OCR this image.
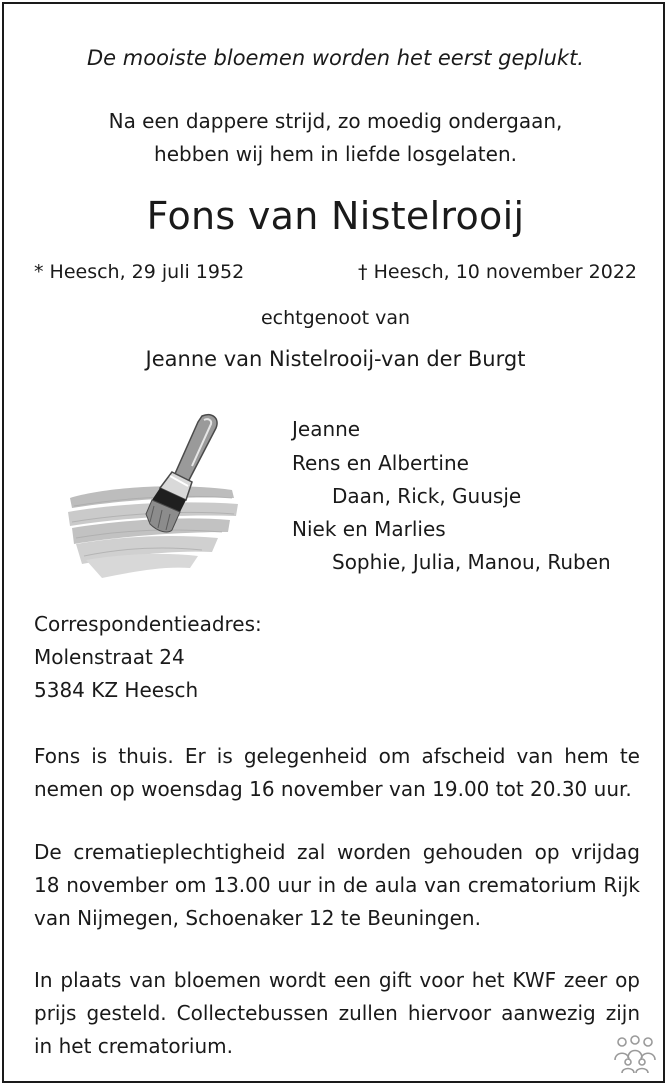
De mooiste bloemen worden het eerst geplukt.
Na een dappere strijd, zo moedig ondergaan,
hebben wij hem in liefde losgelaten.
Fons van Nistelrooij
* Heesch, 29 juli 1952	† Heesch, 10 november 2022
echtgenoot van
Jeanne van Nistelrooij-van der Burgt
Jeanne
Rens en Albertine
Daan, Rick, Guusje
Niek en Marlies
Sophie, Julia, Manou, Ruben
Correspondentieadres:
Molenstraat 24
5384 KZ Heesch
Fons is thuis. Er is gelegenheid om afscheid van hem te nemen op woensdag 16 november van 19.00 tot 20.30 uur.
De crematieplechtigheid zal worden gehouden op vrijdag 18 november om 13.00 uur in de aula van crematorium Rijk van Nijmegen, Schoenaker 12 te Beuningen.
In plaats van bloemen wordt een gift voor het KWF zeer op prijs gesteld. Collectebussen zullen hiervoor aanwezig zijn in het crematorium.
